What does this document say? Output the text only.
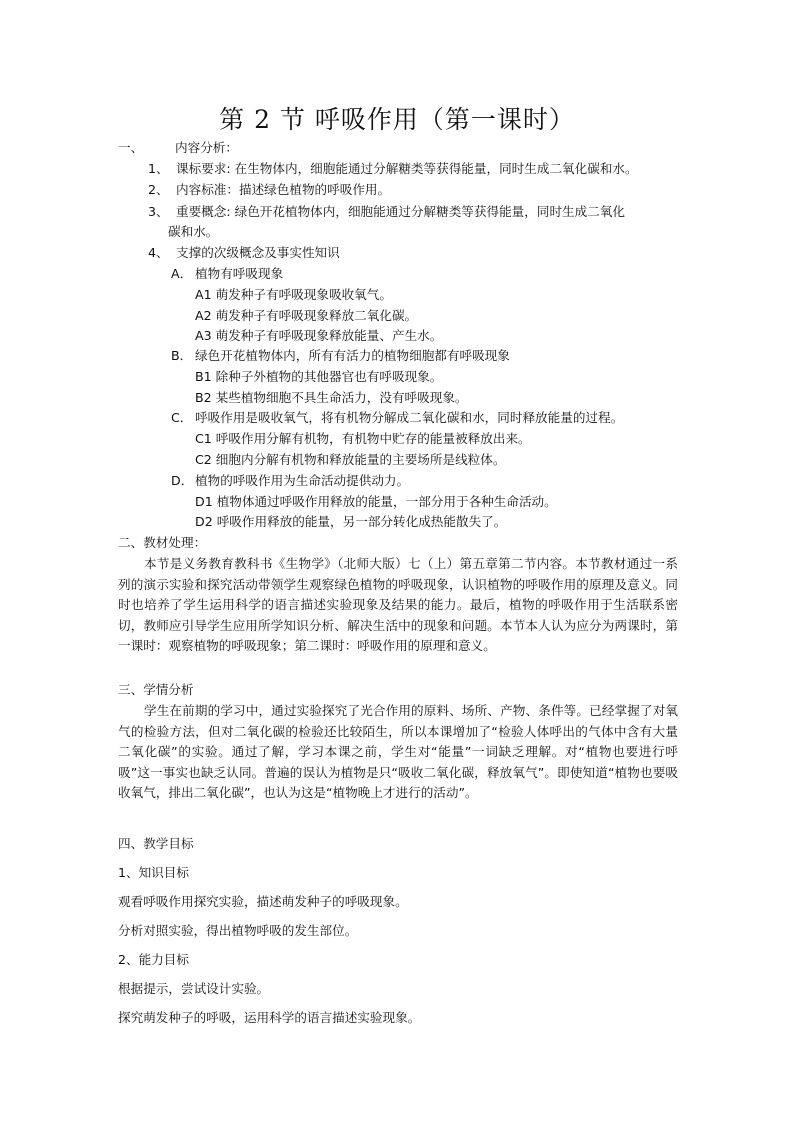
第 2 节 呼吸作用（第一课时）
一、	内容分析：
1、 课标要求: 在生物体内，细胞能通过分解糖类等获得能量，同时生成二氧化碳和水。
2、 内容标准：描述绿色植物的呼吸作用。
3、 重要概念: 绿色开花植物体内，细胞能通过分解糖类等获得能量，同时生成二氧化
碳和水。
4、 支撑的次级概念及事实性知识
A． 植物有呼吸现象
A1 萌发种子有呼吸现象吸收氧气。
A2 萌发种子有呼吸现象释放二氧化碳。
A3 萌发种子有呼吸现象释放能量、产生水。
B． 绿色开花植物体内，所有有活力的植物细胞都有呼吸现象
B1 除种子外植物的其他器官也有呼吸现象。
B2 某些植物细胞不具生命活力，没有呼吸现象。
C． 呼吸作用是吸收氧气，将有机物分解成二氧化碳和水，同时释放能量的过程。
C1 呼吸作用分解有机物，有机物中贮存的能量被释放出来。
C2 细胞内分解有机物和释放能量的主要场所是线粒体。
D． 植物的呼吸作用为生命活动提供动力。
D1 植物体通过呼吸作用释放的能量，一部分用于各种生命活动。
D2 呼吸作用释放的能量，另一部分转化成热能散失了。
二、教材处理：
本节是义务教育教科书《生物学》（北师大版）七（上）第五章第二节内容。本节教材通过一系列的演示实验和探究活动带领学生观察绿色植物的呼吸现象，认识植物的呼吸作用的原理及意义。同时也培养了学生运用科学的语言描述实验现象及结果的能力。最后，植物的呼吸作用于生活联系密切，教师应引导学生应用所学知识分析、解决生活中的现象和问题。本节本人认为应分为两课时，第一课时：观察植物的呼吸现象；第二课时：呼吸作用的原理和意义。
三、学情分析
学生在前期的学习中，通过实验探究了光合作用的原料、场所、产物、条件等。已经掌握了对氧气的检验方法，但对二氧化碳的检验还比较陌生，所以本课增加了“检验人体呼出的气体中含有大量二氧化碳”的实验。通过了解，学习本课之前，学生对“能量”一词缺乏理解。对“植物也要进行呼吸”这一事实也缺乏认同。普遍的误认为植物是只“吸收二氧化碳，释放氧气”。即使知道“植物也要吸收氧气，排出二氧化碳”，也认为这是“植物晚上才进行的活动”。
四、教学目标
1、知识目标
观看呼吸作用探究实验，描述萌发种子的呼吸现象。
分析对照实验，得出植物呼吸的发生部位。
2、能力目标
根据提示，尝试设计实验。
探究萌发种子的呼吸，运用科学的语言描述实验现象。
